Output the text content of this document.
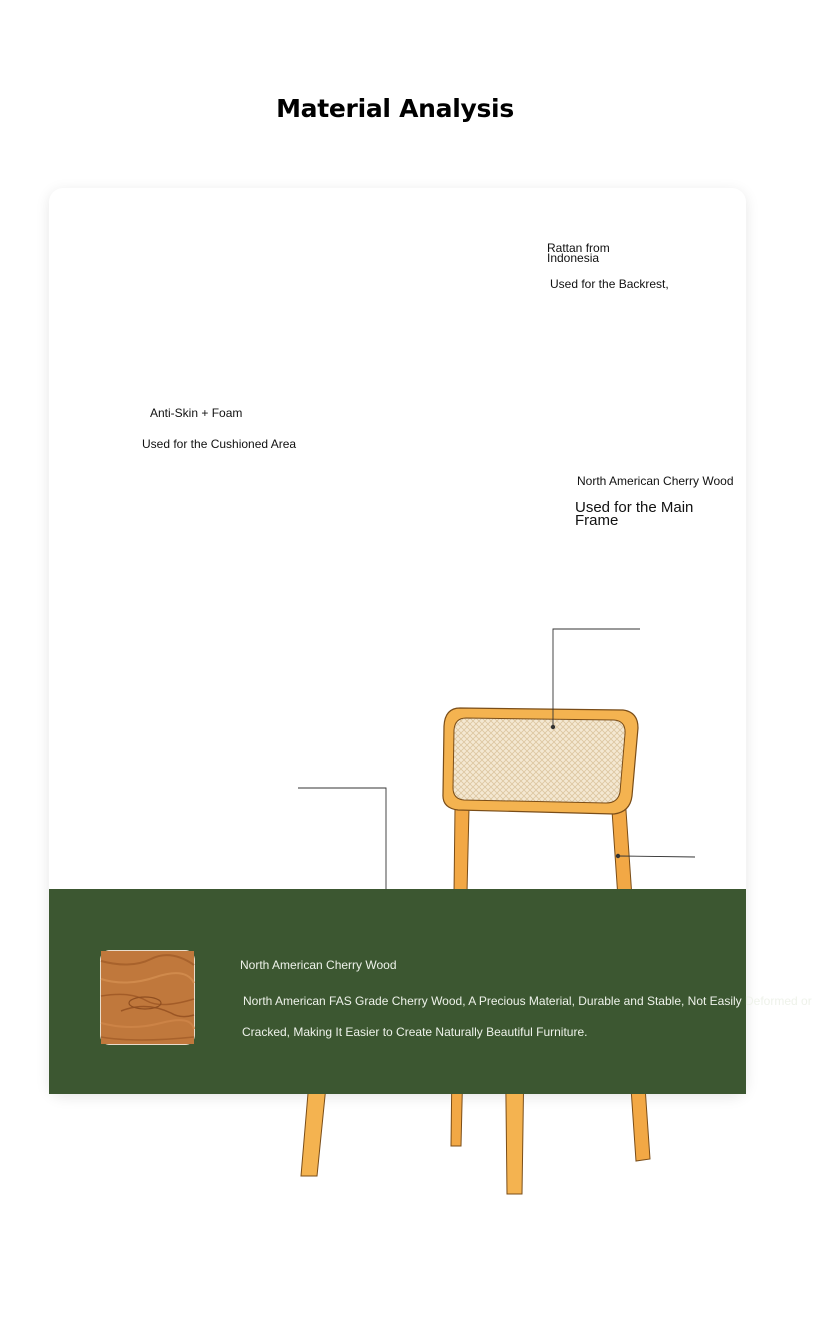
Material Analysis
Rattan from
Indonesia
Used for the Backrest,
Anti-Skin + Foam
Used for the Cushioned Area
North American Cherry Wood
Used for the Main
Frame
North American Cherry Wood
North American FAS Grade Cherry Wood, A Precious Material, Durable and Stable, Not Easily Deformed or
Cracked, Making It Easier to Create Naturally Beautiful Furniture.
